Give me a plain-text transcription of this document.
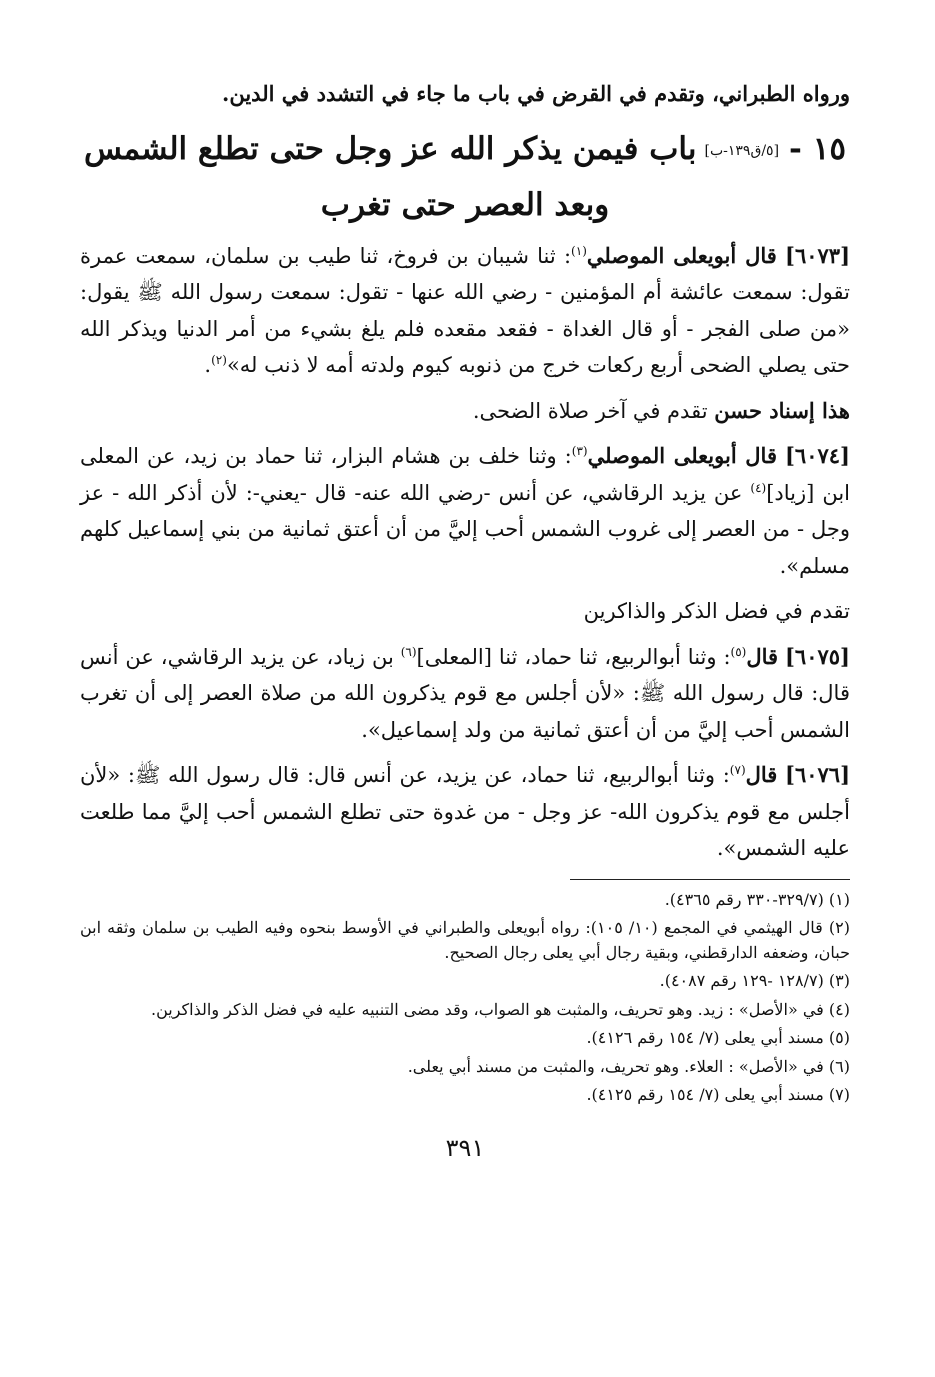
ورواه الطبراني، وتقدم في القرض في باب ما جاء في التشدد في الدين.

١٥ -[٥/ق١٣٩-ب]باب فيمن يذكر الله عز وجل حتى تطلع الشمس
وبعد العصر حتى تغرب

[٦٠٧٣] قال أبويعلى الموصلي$^{(١)}$: ثنا شيبان بن فروخ، ثنا طيب بن سلمان، سمعت عمرة تقول: سمعت عائشة أم المؤمنين - رضي الله عنها - تقول: سمعت رسول الله ﷺ يقول: «من صلى الفجر - أو قال الغداة - فقعد مقعده فلم يلغ بشيء من أمر الدنيا ويذكر الله حتى يصلي الضحى أربع ركعات خرج من ذنوبه كيوم ولدته أمه لا ذنب له»$^{(٢)}$.

هذا إسناد حسن تقدم في آخر صلاة الضحى.

[٦٠٧٤] قال أبويعلى الموصلي$^{(٣)}$: وثنا خلف بن هشام البزار، ثنا حماد بن زيد، عن المعلى ابن [زياد]$^{(٤)}$ عن يزيد الرقاشي، عن أنس -رضي الله عنه- قال -يعني-: لأن أذكر الله - عز وجل - من العصر إلى غروب الشمس أحب إليَّ من أن أعتق ثمانية من بني إسماعيل كلهم مسلم».

تقدم في فضل الذكر والذاكرين

[٦٠٧٥] قال$^{(٥)}$: وثنا أبوالربيع، ثنا حماد، ثنا [المعلى]$^{(٦)}$ بن زياد، عن يزيد الرقاشي، عن أنس قال: قال رسول الله ﷺ: «لأن أجلس مع قوم يذكرون الله من صلاة العصر إلى أن تغرب الشمس أحب إليَّ من أن أعتق ثمانية من ولد إسماعيل».

[٦٠٧٦] قال$^{(٧)}$: وثنا أبوالربيع، ثنا حماد، عن يزيد، عن أنس قال: قال رسول الله ﷺ: «لأن أجلس مع قوم يذكرون الله- عز وجل - من غدوة حتى تطلع الشمس أحب إليَّ مما طلعت عليه الشمس».

(١) (٣٢٩/٧-٣٣٠ رقم ٤٣٦٥).

(٢) قال الهيثمي في المجمع (١٠/ ١٠٥): رواه أبويعلى والطبراني في الأوسط بنحوه وفيه الطيب بن سلمان وثقه ابن حبان، وضعفه الدارقطني، وبقية رجال أبي يعلى رجال الصحيح.

(٣) (١٢٨/٧ -١٢٩ رقم ٤٠٨٧).

(٤) في «الأصل» : زيد. وهو تحريف، والمثبت هو الصواب، وقد مضى التنبيه عليه في فضل الذكر والذاكرين.

(٥) مسند أبي يعلى (٧/ ١٥٤ رقم ٤١٢٦).

(٦) في «الأصل» : العلاء. وهو تحريف، والمثبت من مسند أبي يعلى.

(٧) مسند أبي يعلى (٧/ ١٥٤ رقم ٤١٢٥).

٣٩١
